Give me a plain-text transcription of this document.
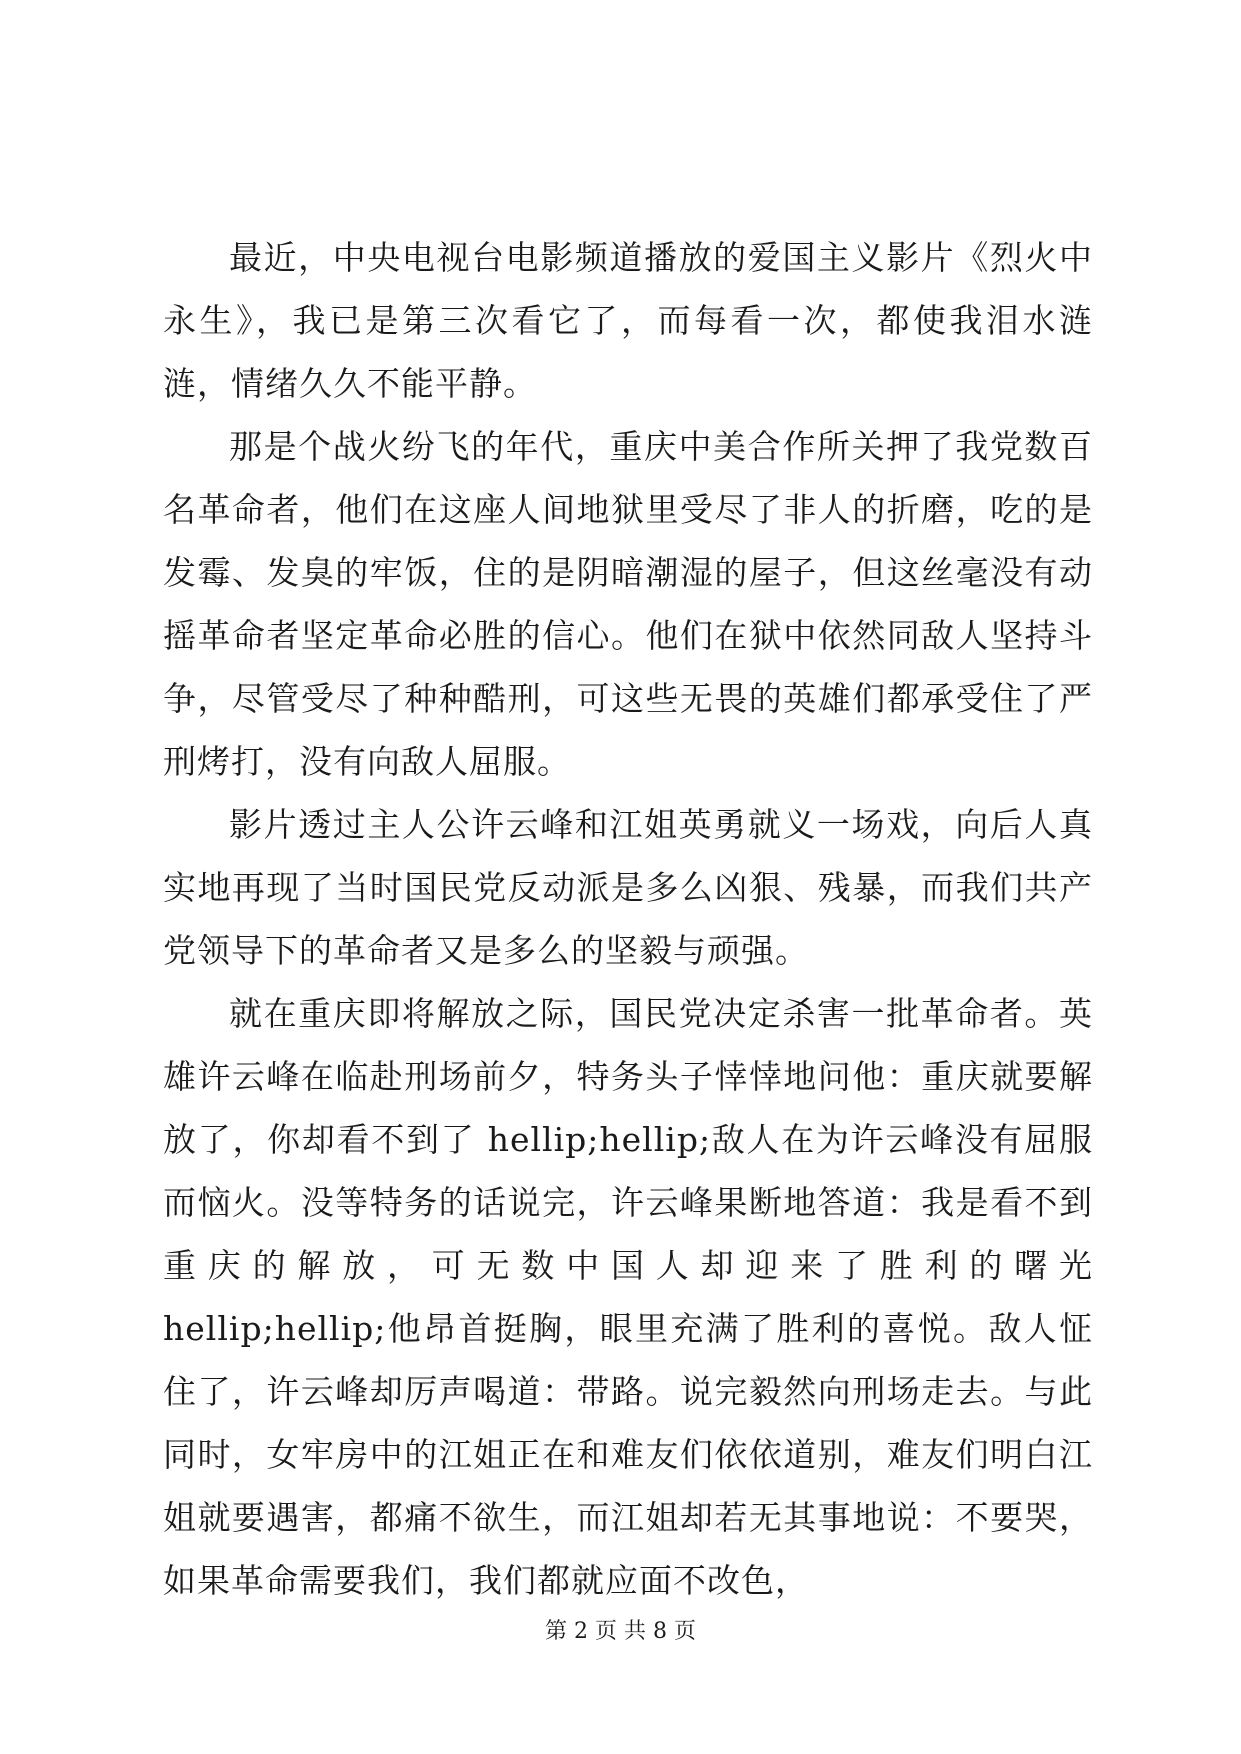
最近，中央电视台电影频道播放的爱国主义影片《烈火中永生》，我已是第三次看它了，而每看一次，都使我泪水涟涟，情绪久久不能平静。

那是个战火纷飞的年代，重庆中美合作所关押了我党数百名革命者，他们在这座人间地狱里受尽了非人的折磨，吃的是发霉、发臭的牢饭，住的是阴暗潮湿的屋子，但这丝毫没有动摇革命者坚定革命必胜的信心。他们在狱中依然同敌人坚持斗争，尽管受尽了种种酷刑，可这些无畏的英雄们都承受住了严刑烤打，没有向敌人屈服。

影片透过主人公许云峰和江姐英勇就义一场戏，向后人真实地再现了当时国民党反动派是多么凶狠、残暴，而我们共产党领导下的革命者又是多么的坚毅与顽强。

就在重庆即将解放之际，国民党决定杀害一批革命者。英雄许云峰在临赴刑场前夕，特务头子悻悻地问他：重庆就要解放了，你却看不到了 hellip;hellip;敌人在为许云峰没有屈服而恼火。没等特务的话说完，许云峰果断地答道：我是看不到重庆的解放，可无数中国人却迎来了胜利的曙光 hellip;hellip;他昂首挺胸，眼里充满了胜利的喜悦。敌人怔住了，许云峰却厉声喝道：带路。说完毅然向刑场走去。与此同时，女牢房中的江姐正在和难友们依依道别，难友们明白江姐就要遇害，都痛不欲生，而江姐却若无其事地说：不要哭，如果革命需要我们，我们都就应面不改色，

第 2 页 共 8 页
